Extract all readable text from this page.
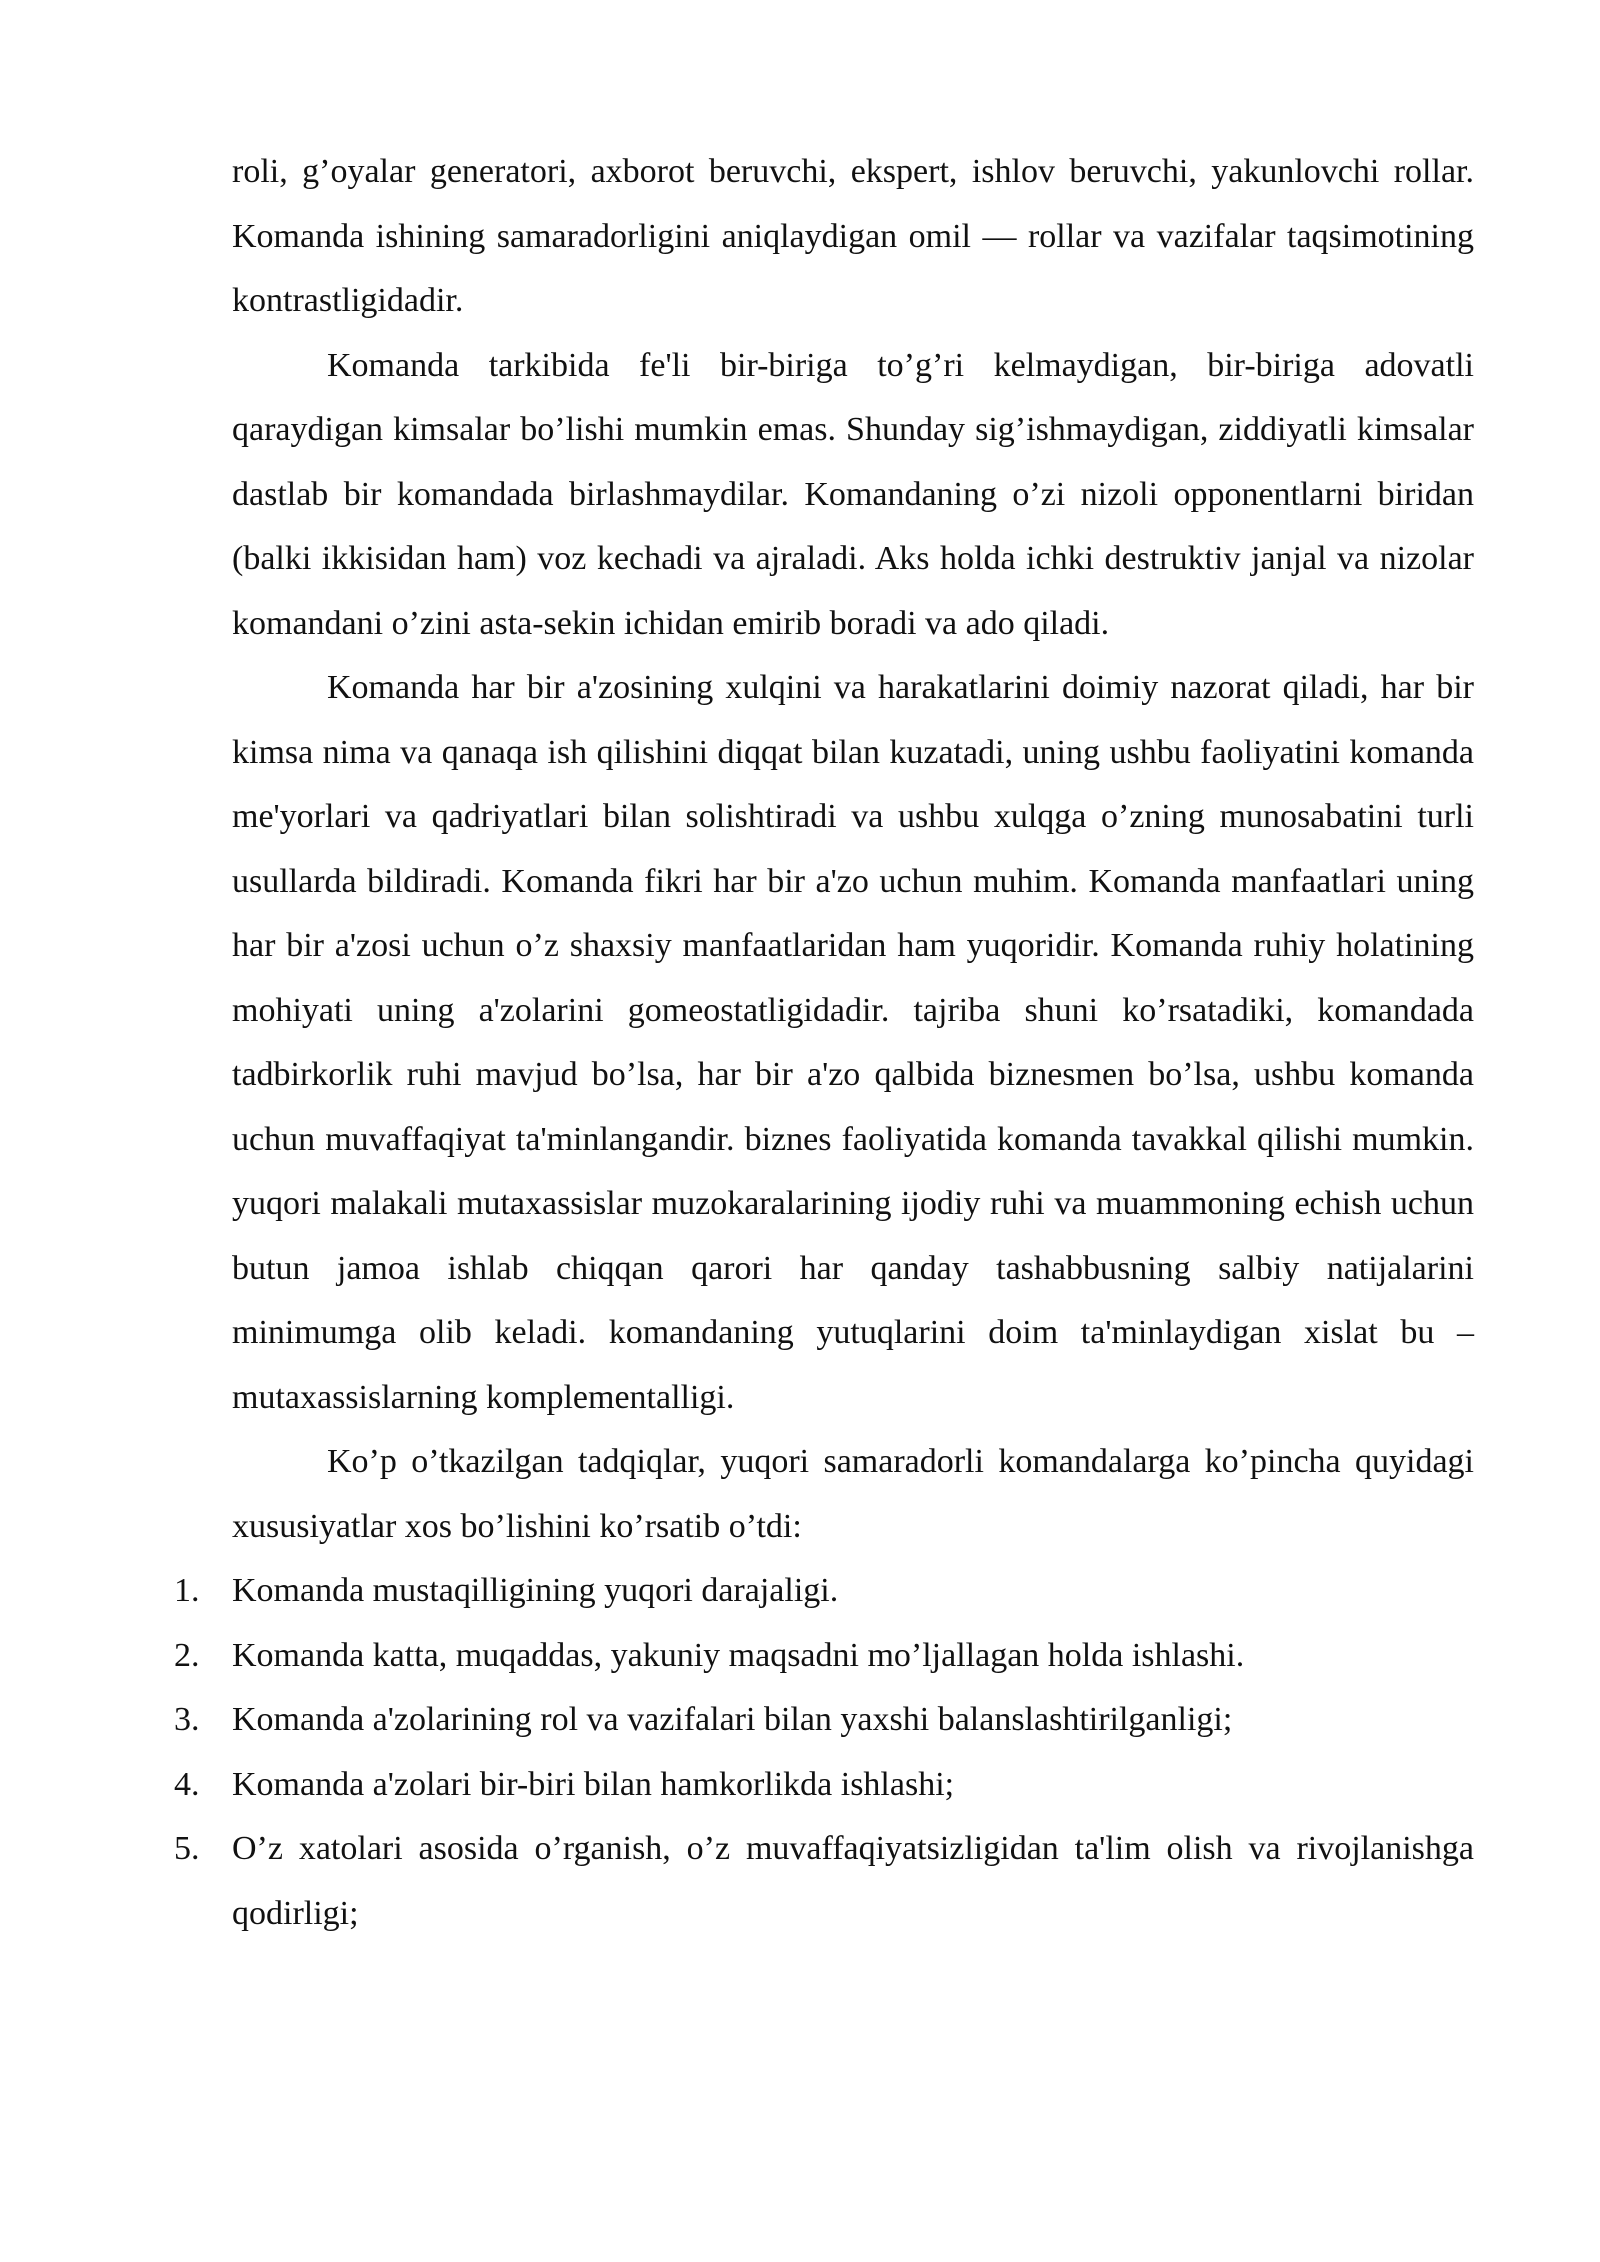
roli, g’oyalar generatori, axborot beruvchi, ekspert, ishlov beruvchi, yakunlovchi rollar. Komanda ishining samaradorligini aniqlaydigan omil — rollar va vazifalar taqsimotining kontrastligidadir.

Komanda tarkibida fe'li bir-biriga to’g’ri kelmaydigan, bir-biriga adovatli qaraydigan kimsalar bo’lishi mumkin emas. Shunday sig’ishmaydigan, ziddiyatli kimsalar dastlab bir komandada birlashmaydilar. Komandaning o’zi nizoli opponentlarni biridan (balki ikkisidan ham) voz kechadi va ajraladi. Aks holda ichki destruktiv janjal va nizolar komandani o’zini asta-sekin ichidan emirib boradi va ado qiladi.

Komanda har bir a'zosining xulqini va harakatlarini doimiy nazorat qiladi, har bir kimsa nima va qanaqa ish qilishini diqqat bilan kuzatadi, uning ushbu faoliyatini komanda me'yorlari va qadriyatlari bilan solishtiradi va ushbu xulqga o’zning munosabatini turli usullarda bildiradi. Komanda fikri har bir a'zo uchun muhim. Komanda manfaatlari uning har bir a'zosi uchun o’z shaxsiy manfaatlaridan ham yuqoridir. Komanda ruhiy holatining mohiyati uning a'zolarini gomeostatligidadir. tajriba shuni ko’rsatadiki, komandada tadbirkorlik ruhi mavjud bo’lsa, har bir a'zo qalbida biznesmen bo’lsa, ushbu komanda uchun muvaffaqiyat ta'minlangandir. biznes faoliyatida komanda tavakkal qilishi mumkin. yuqori malakali mutaxassislar muzokaralarining ijodiy ruhi va muammoning echish uchun butun jamoa ishlab chiqqan qarori har qanday tashabbusning salbiy natijalarini minimumga olib keladi. komandaning yutuqlarini doim ta'minlaydigan xislat bu – mutaxassislarning komplementalligi.

Ko’p o’tkazilgan tadqiqlar, yuqori samaradorli komandalarga ko’pincha quyidagi xususiyatlar xos bo’lishini ko’rsatib o’tdi:

1. Komanda mustaqilligining yuqori darajaligi.
2. Komanda katta, muqaddas, yakuniy maqsadni mo’ljallagan holda ishlashi.
3. Komanda a'zolarining rol va vazifalari bilan yaxshi balanslashtirilganligi;
4. Komanda a'zolari bir-biri bilan hamkorlikda ishlashi;
5. O’z xatolari asosida o’rganish, o’z muvaffaqiyatsizligidan ta'lim olish va rivojlanishga qodirligi;
